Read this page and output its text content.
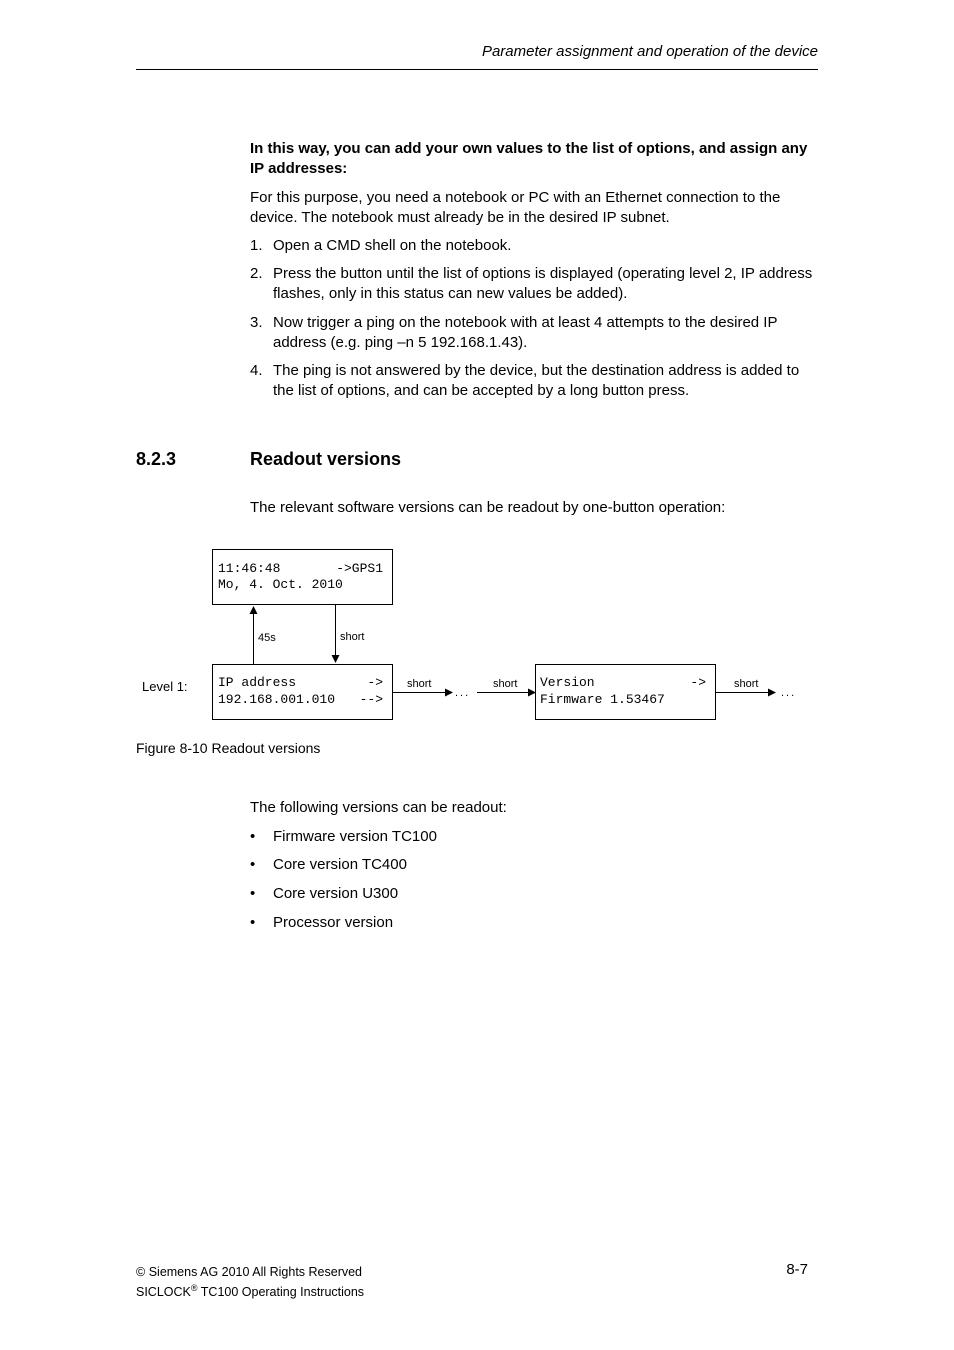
Parameter assignment and operation of the device
In this way, you can add your own values to the list of options, and assign any IP addresses:
For this purpose, you need a notebook or PC with an Ethernet connection to the device. The notebook must already be in the desired IP subnet.
1. Open a CMD shell on the notebook.
2. Press the button until the list of options is displayed (operating level 2, IP address flashes, only in this status can new values be added).
3. Now trigger a ping on the notebook with at least 4 attempts to the desired IP address (e.g. ping –n 5 192.168.1.43).
4. The ping is not answered by the device, but the destination address is added to the list of options, and can be accepted by a long button press.
8.2.3	Readout versions
The relevant software versions can be readout by one-button operation:
11:46:48	->GPS1
Mo, 4. Oct. 2010
IP address	->
192.168.001.010 -->
Version	->
Firmware 1.53467
45s	short
short
...
short	short
...
Level 1:
Figure 8-10 Readout versions
The following versions can be readout:
• Firmware version TC100
• Core version TC400
• Core version U300
• Processor version
© Siemens AG 2010 All Rights Reserved
SICLOCK® TC100 Operating Instructions
8-7
